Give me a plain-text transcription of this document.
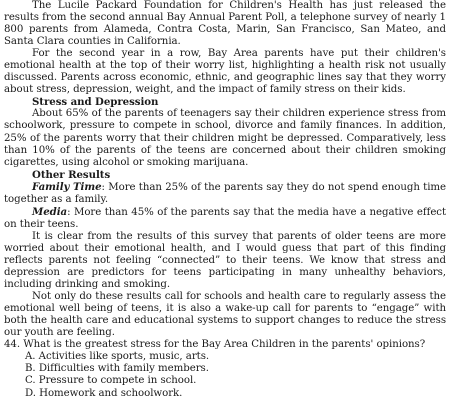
The Lucile Packard Foundation for Children's Health has just released the results from the second annual Bay Annual Parent Poll, a telephone survey of nearly 1 800 parents from Alameda, Contra Costa, Marin, San Francisco, San Mateo, and Santa Clara counties in California.

For the second year in a row, Bay Area parents have put their children's emotional health at the top of their worry list, highlighting a health risk not usually discussed. Parents across economic, ethnic, and geographic lines say that they worry about stress, depression, weight, and the impact of family stress on their kids.

Stress and Depression

About 65% of the parents of teenagers say their children experience stress from schoolwork, pressure to compete in school, divorce and family finances. In addition, 25% of the parents worry that their children might be depressed. Comparatively, less than 10% of the parents of the teens are concerned about their children smoking cigarettes, using alcohol or smoking marijuana.

Other Results

Family Time: More than 25% of the parents say they do not spend enough time together as a family.

Media: More than 45% of the parents say that the media have a negative effect on their teens.

It is clear from the results of this survey that parents of older teens are more worried about their emotional health, and I would guess that part of this finding reflects parents not feeling “connected” to their teens. We know that stress and depression are predictors for teens participating in many unhealthy behaviors, including drinking and smoking.

Not only do these results call for schools and health care to regularly assess the emotional well being of teens, it is also a wake-up call for parents to “engage” with both the health care and educational systems to support changes to reduce the stress our youth are feeling.

44. What is the greatest stress for the Bay Area Children in the parents' opinions?

A. Activities like sports, music, arts.
B. Difficulties with family members.
C. Pressure to compete in school.
D. Homework and schoolwork.
